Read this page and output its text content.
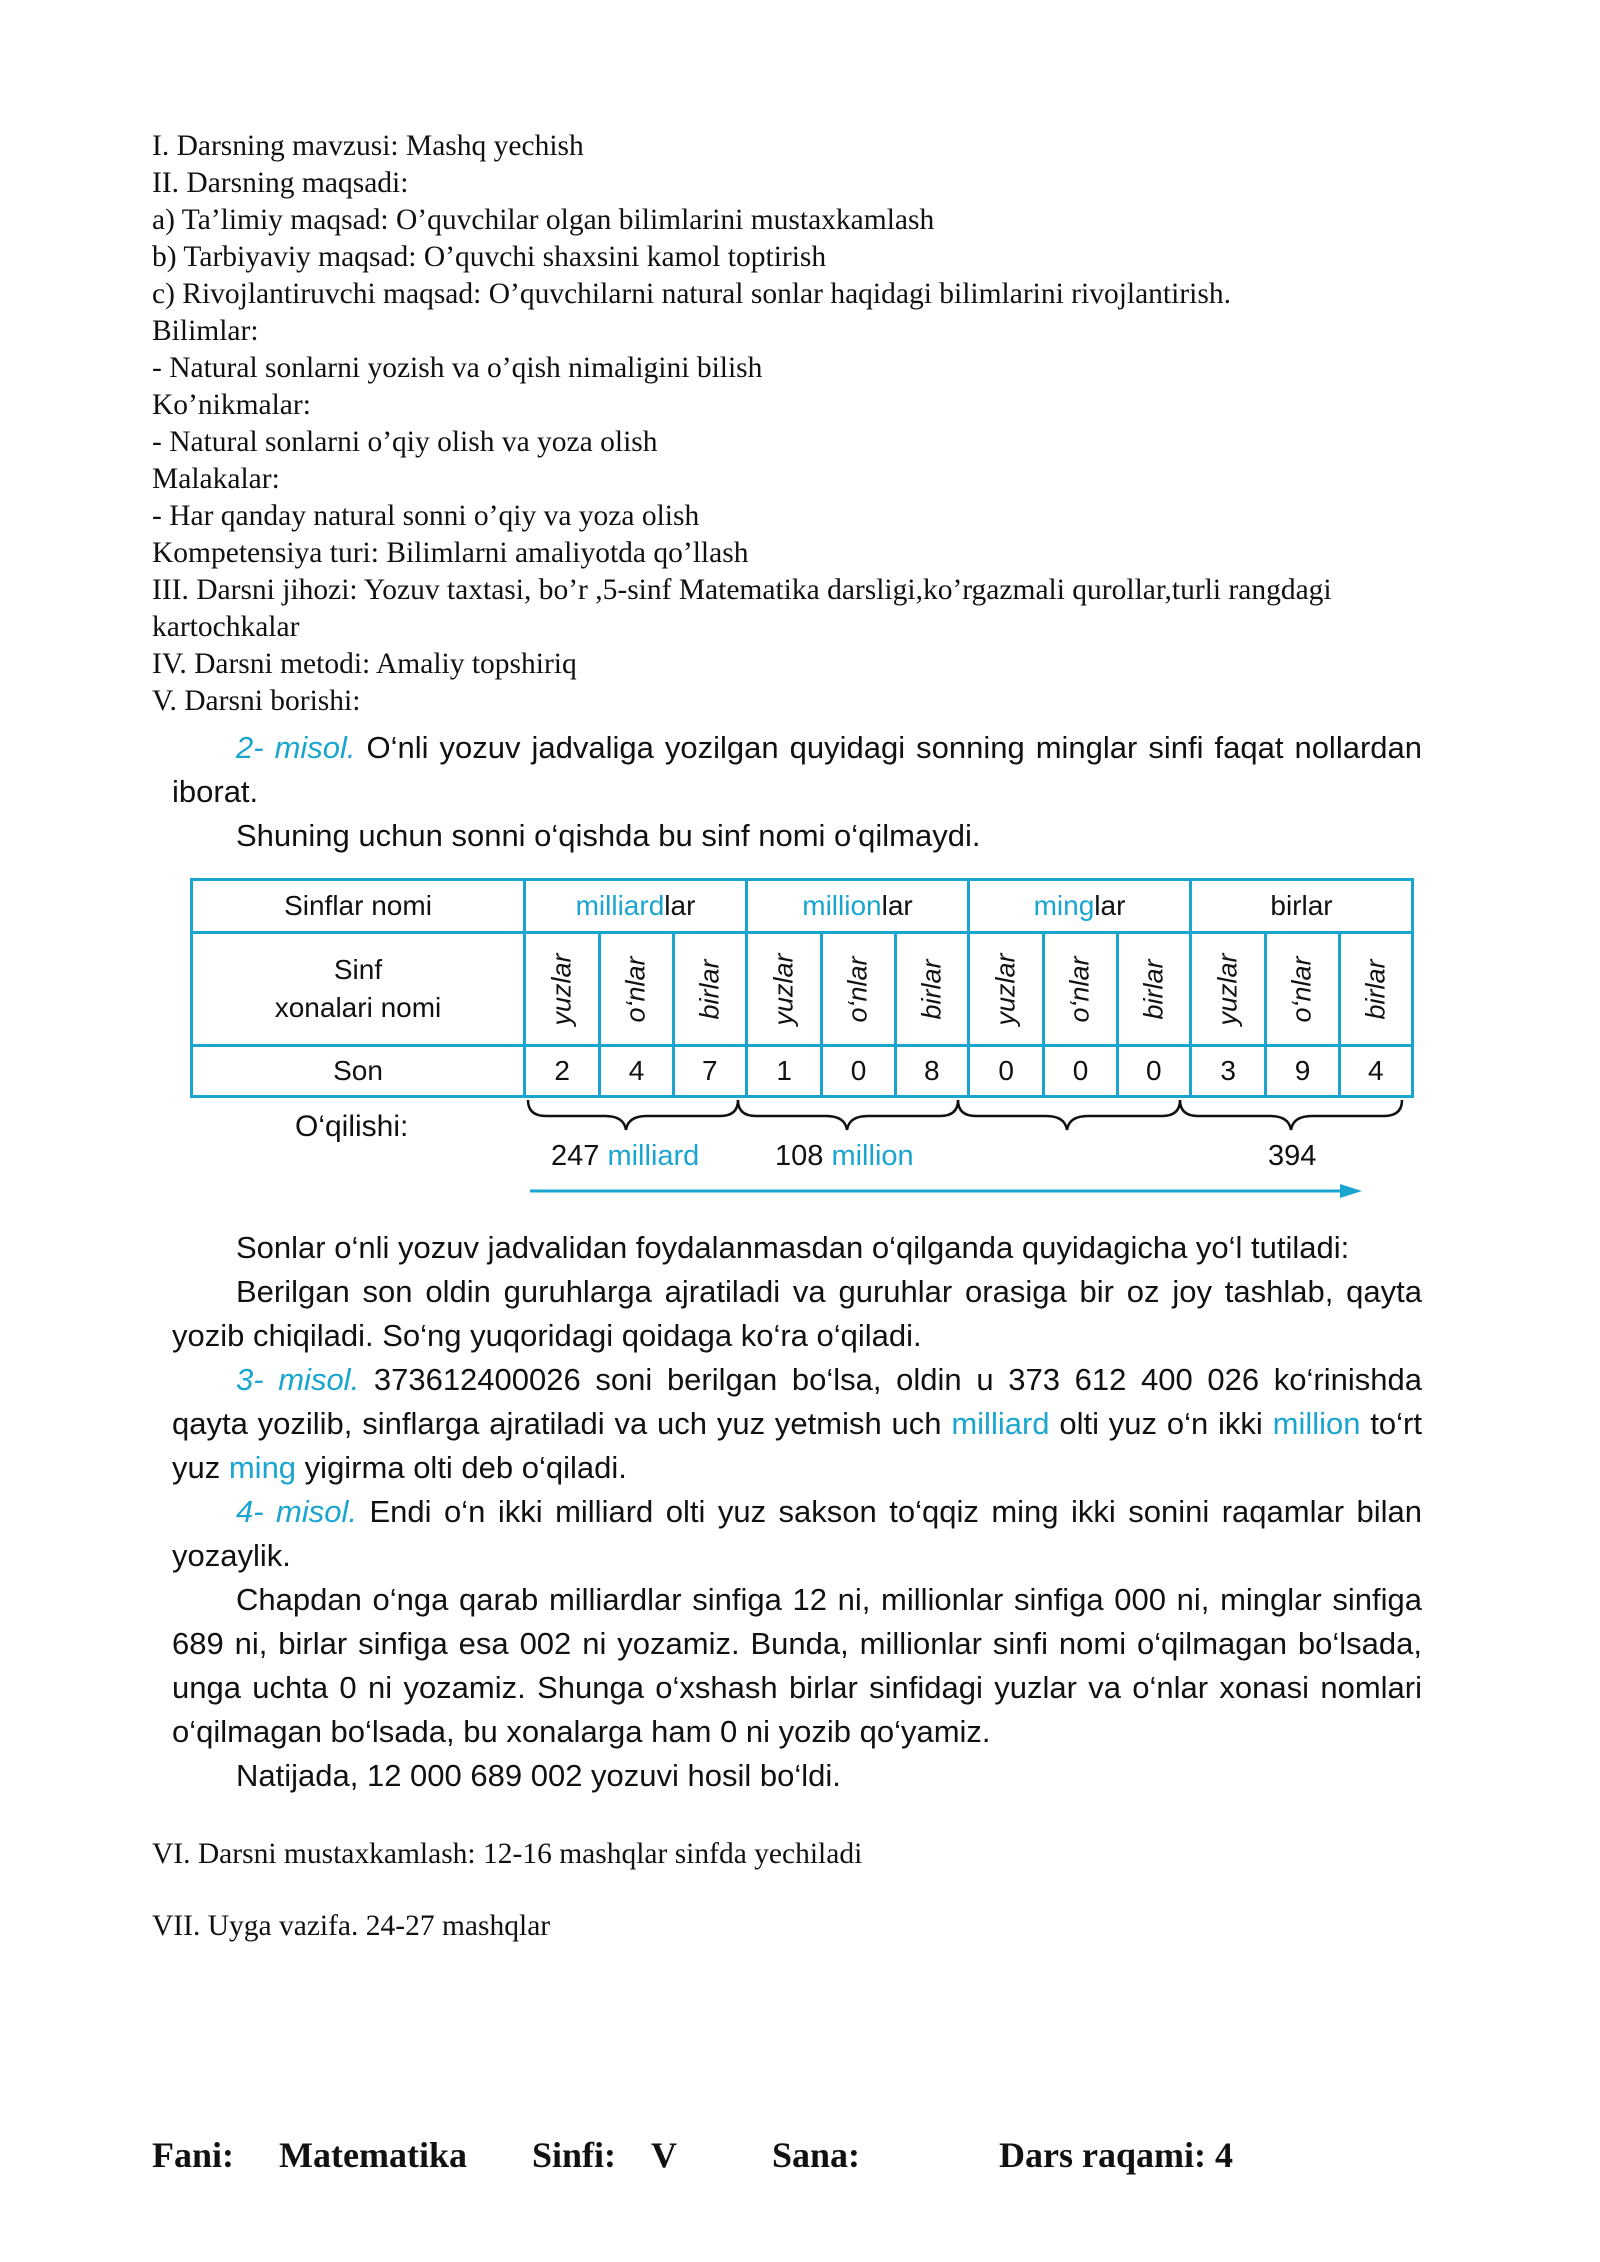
I. Darsning mavzusi: Mashq yechish
II. Darsning maqsadi:
a) Ta’limiy maqsad: O’quvchilar olgan bilimlarini mustaxkamlash
b) Tarbiyaviy maqsad: O’quvchi shaxsini kamol toptirish
c) Rivojlantiruvchi maqsad: O’quvchilarni natural sonlar haqidagi bilimlarini rivojlantirish.
Bilimlar:
- Natural sonlarni yozish va o’qish nimaligini bilish
Ko’nikmalar:
- Natural sonlarni o’qiy olish va yoza olish
Malakalar:
- Har qanday natural sonni o’qiy va yoza olish
Kompetensiya turi: Bilimlarni amaliyotda qo’llash
III. Darsni jihozi: Yozuv taxtasi, bo’r ,5-sinf Matematika darsligi,ko’rgazmali qurollar,turli rangdagi kartochkalar
IV. Darsni metodi: Amaliy topshiriq
V. Darsni borishi:

2- misol. O‘nli yozuv jadvaliga yozilgan quyidagi sonning minglar sinfi faqat nollardan iborat.

Shuning uchun sonni o‘qishda bu sinf nomi o‘qilmaydi.

Sinflar nomi	milliardlar			millionlar			minglar			birlar		
Sinf
xonalari nomi	yuzlar	o‘nlar	birlar	yuzlar	o‘nlar	birlar	yuzlar	o‘nlar	birlar	yuzlar	o‘nlar	birlar
Son	2	4	7	1	0	8	0	0	0	3	9	4
O‘qilishi:
247 milliard	108 million	394

Sonlar o‘nli yozuv jadvalidan foydalanmasdan o‘qilganda quyidagicha yo‘l tutiladi:

Berilgan son oldin guruhlarga ajratiladi va guruhlar orasiga bir oz joy tashlab, qayta yozib chiqiladi. So‘ng yuqoridagi qoidaga ko‘ra o‘qiladi.

3- misol. 373612400026 soni berilgan bo‘lsa, oldin u 373 612 400 026 ko‘rinishda qayta yozilib, sinflarga ajratiladi va uch yuz yetmish uch milliard olti yuz o‘n ikki million to‘rt yuz ming yigirma olti deb o‘qiladi.

4- misol. Endi o‘n ikki milliard olti yuz sakson to‘qqiz ming ikki sonini raqamlar bilan yozaylik.

Chapdan o‘nga qarab milliardlar sinfiga 12 ni, millionlar sinfiga 000 ni, minglar sinfiga 689 ni, birlar sinfiga esa 002 ni yozamiz. Bunda, millionlar sinfi nomi o‘qilmagan bo‘lsada, unga uchta 0 ni yozamiz. Shunga o‘xshash birlar sinfidagi yuzlar va o‘nlar xonasi nomlari o‘qilmagan bo‘lsada, bu xonalarga ham 0 ni yozib qo‘yamiz.

Natijada, 12 000 689 002 yozuvi hosil bo‘ldi.

VI. Darsni mustaxkamlash: 12-16 mashqlar sinfda yechiladi
VII. Uyga vazifa. 24-27 mashqlar
Fani: Matematika Sinfi: V	Sana:	Dars raqami: 4
